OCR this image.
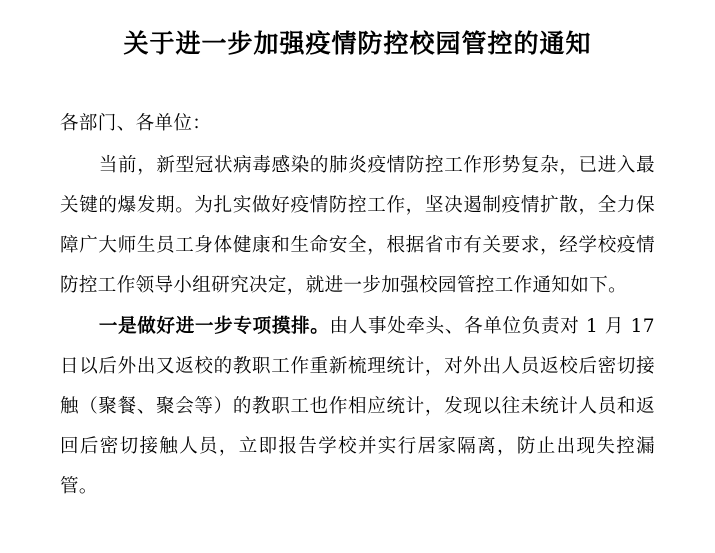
关于进一步加强疫情防控校园管控的通知

各部门、各单位：

当前，新型冠状病毒感染的肺炎疫情防控工作形势复杂，已进入最关键的爆发期。为扎实做好疫情防控工作，坚决遏制疫情扩散，全力保障广大师生员工身体健康和生命安全，根据省市有关要求，经学校疫情防控工作领导小组研究决定，就进一步加强校园管控工作通知如下。

一是做好进一步专项摸排。由人事处牵头、各单位负责对 1 月 17 日以后外出又返校的教职工作重新梳理统计，对外出人员返校后密切接触（聚餐、聚会等）的教职工也作相应统计，发现以往未统计人员和返回后密切接触人员，立即报告学校并实行居家隔离，防止出现失控漏管。
